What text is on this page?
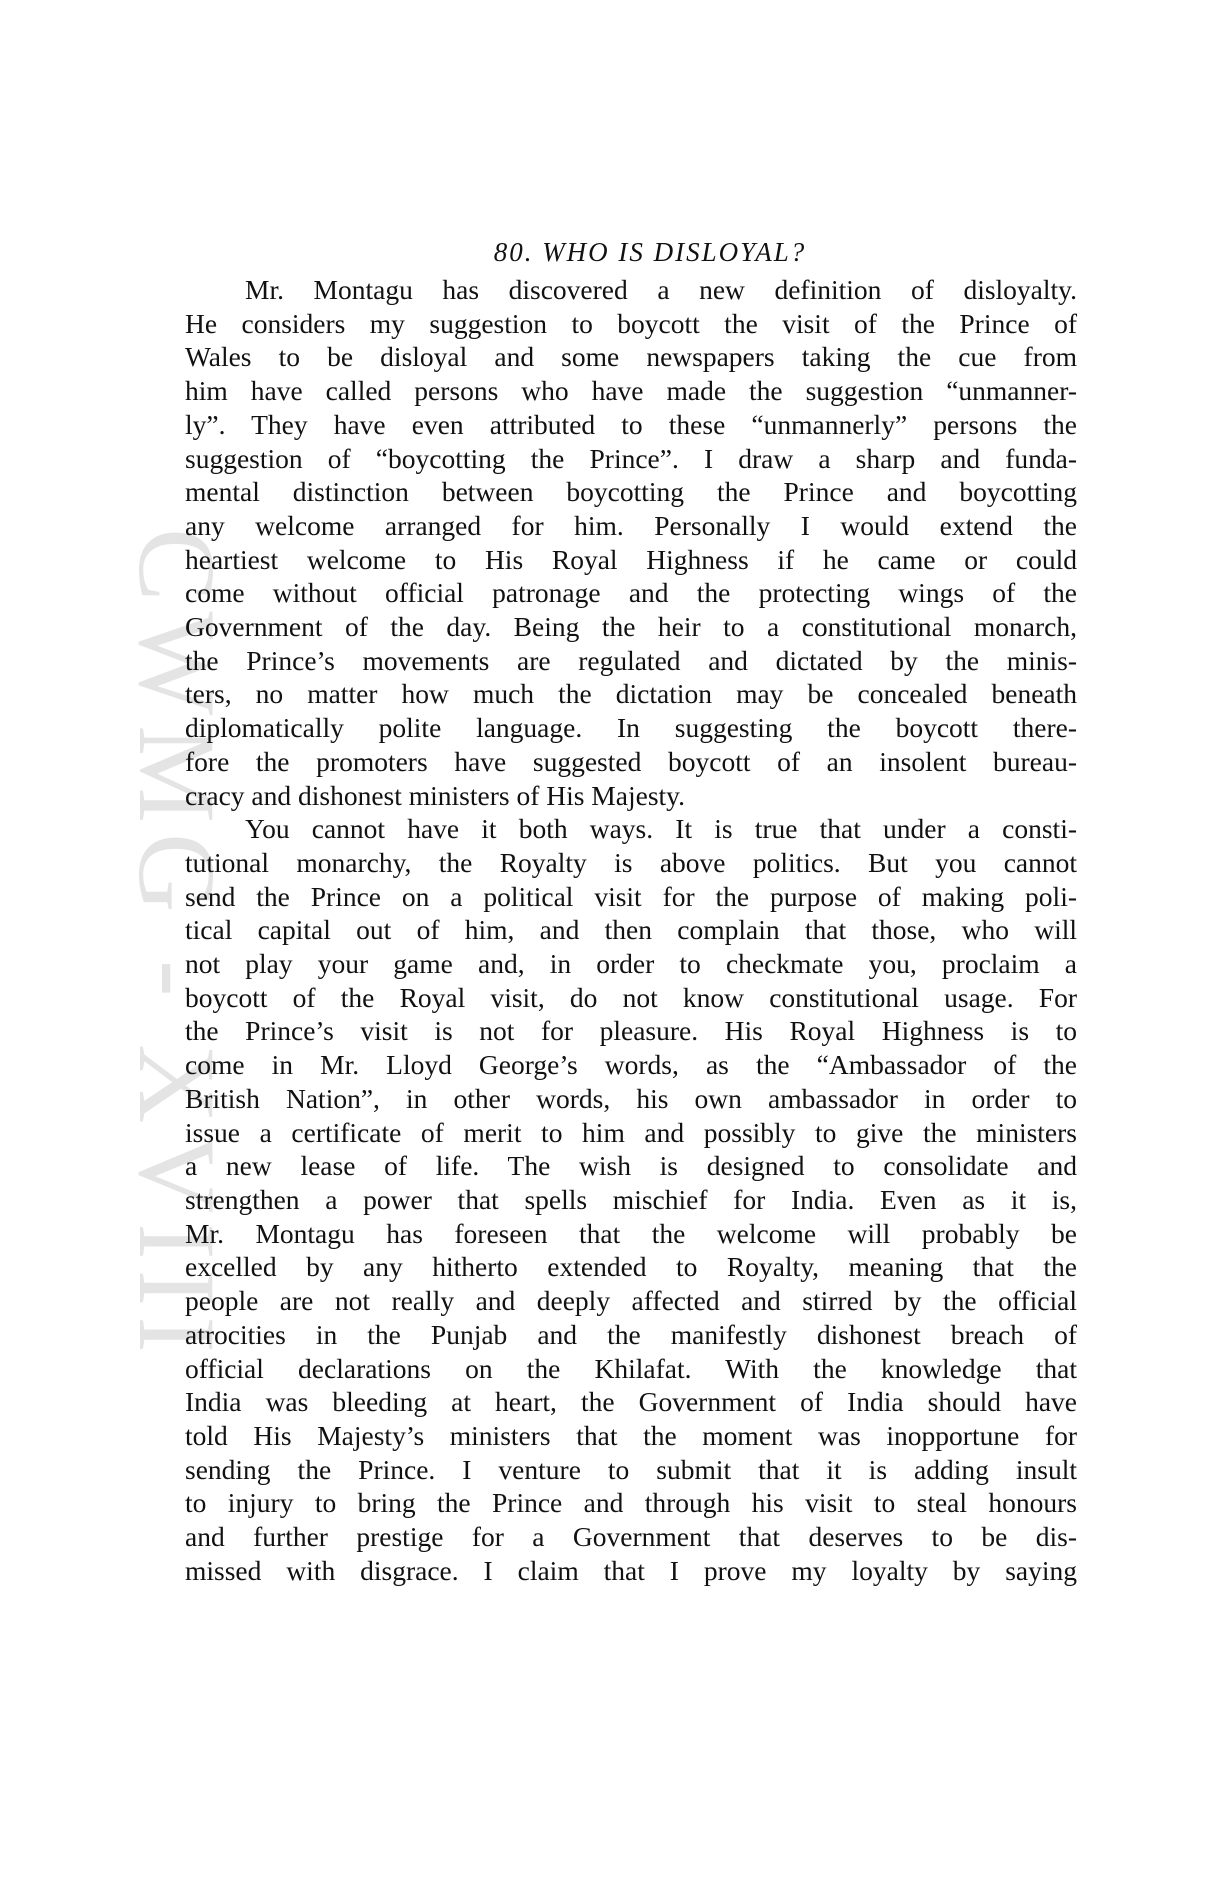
CWMG - XVIII
80. WHO IS DISLOYAL?
Mr. Montagu has discovered a new definition of disloyalty.
He considers my suggestion to boycott the visit of the Prince of
Wales to be disloyal and some newspapers taking the cue from
him have called persons who have made the suggestion “unmanner-
ly”. They have even attributed to these “unmannerly” persons the
suggestion of “boycotting the Prince”. I draw a sharp and funda-
mental distinction between boycotting the Prince and boycotting
any welcome arranged for him. Personally I would extend the
heartiest welcome to His Royal Highness if he came or could
come without official patronage and the protecting wings of the
Government of the day. Being the heir to a constitutional monarch,
the Prince’s movements are regulated and dictated by the minis-
ters, no matter how much the dictation may be concealed beneath
diplomatically polite language. In suggesting the boycott there-
fore the promoters have suggested boycott of an insolent bureau-
cracy and dishonest ministers of His Majesty.
You cannot have it both ways. It is true that under a consti-
tutional monarchy, the Royalty is above politics. But you cannot
send the Prince on a political visit for the purpose of making poli-
tical capital out of him, and then complain that those, who will
not play your game and, in order to checkmate you, proclaim a
boycott of the Royal visit, do not know constitutional usage. For
the Prince’s visit is not for pleasure. His Royal Highness is to
come in Mr. Lloyd George’s words, as the “Ambassador of the
British Nation”, in other words, his own ambassador in order to
issue a certificate of merit to him and possibly to give the ministers
a new lease of life. The wish is designed to consolidate and
strengthen a power that spells mischief for India. Even as it is,
Mr. Montagu has foreseen that the welcome will probably be
excelled by any hitherto extended to Royalty, meaning that the
people are not really and deeply affected and stirred by the official
atrocities in the Punjab and the manifestly dishonest breach of
official declarations on the Khilafat. With the knowledge that
India was bleeding at heart, the Government of India should have
told His Majesty’s ministers that the moment was inopportune for
sending the Prince. I venture to submit that it is adding insult
to injury to bring the Prince and through his visit to steal honours
and further prestige for a Government that deserves to be dis-
missed with disgrace. I claim that I prove my loyalty by saying
